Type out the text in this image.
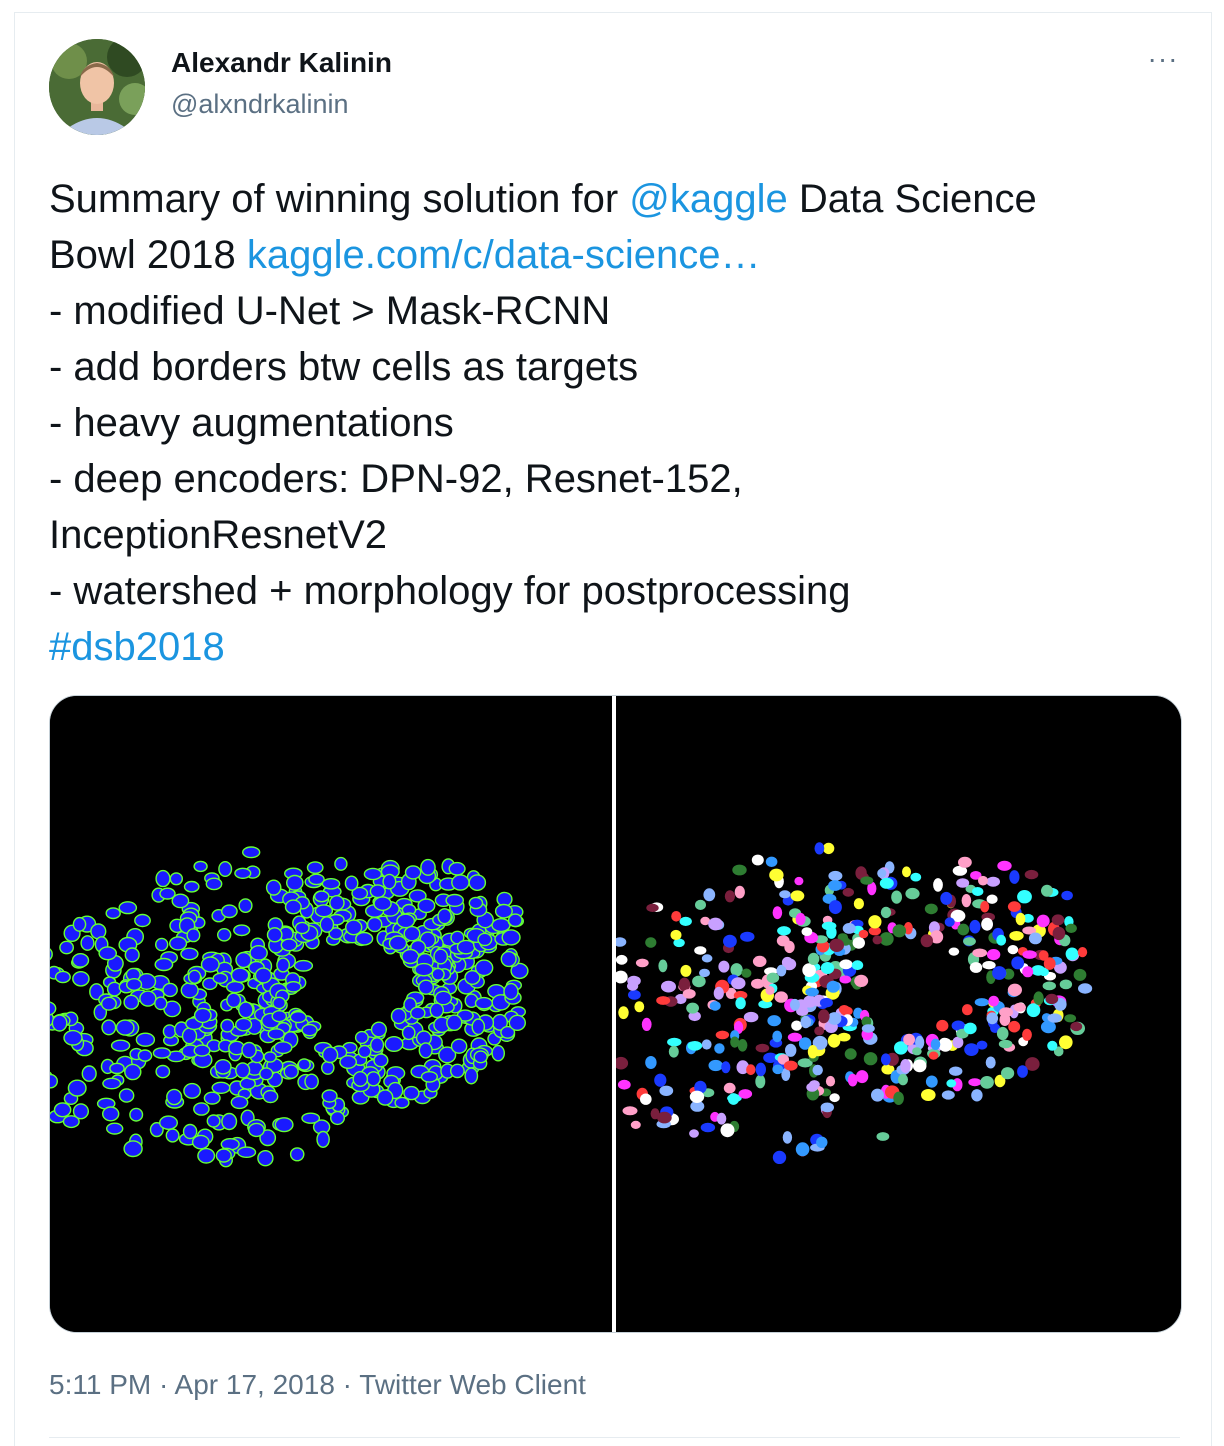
Alexandr Kalinin
@alxndrkalinin
···
Summary of winning solution for @kaggle Data Science
Bowl 2018 kaggle.com/c/data-science…
- modified U-Net > Mask-RCNN
- add borders btw cells as targets
- heavy augmentations
- deep encoders: DPN-92, Resnet-152,
InceptionResnetV2
- watershed + morphology for postprocessing
#dsb2018
5:11 PM · Apr 17, 2018 · Twitter Web Client
